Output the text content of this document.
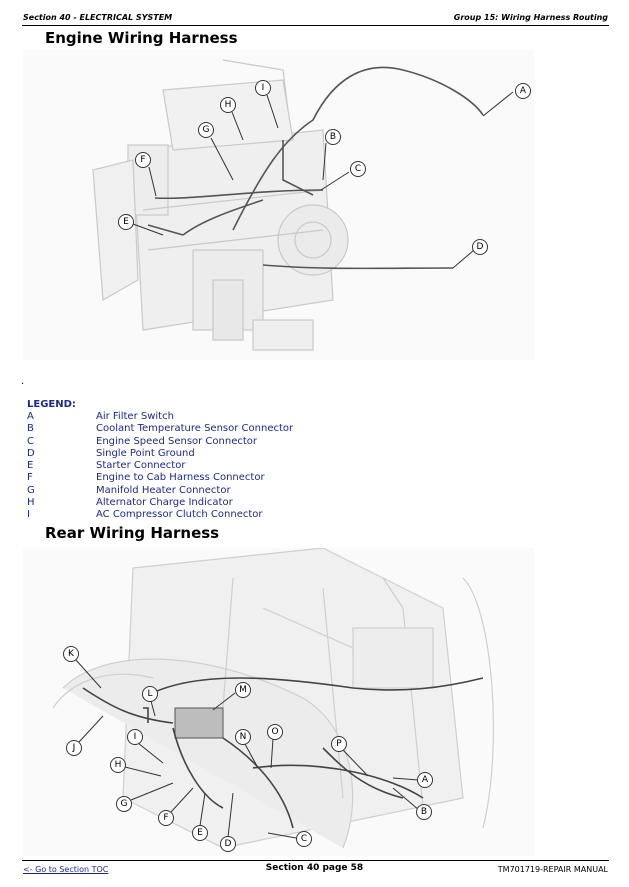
Section 40 - ELECTRICAL SYSTEM	Group 15: Wiring Harness Routing
Engine Wiring Harness
A
B
C
D
E
F
G
H
I
.
LEGEND:
A	Air Filter Switch
B	Coolant Temperature Sensor Connector
C	Engine Speed Sensor Connector
D	Single Point Ground
E	Starter Connector
F	Engine to Cab Harness Connector
G	Manifold Heater Connector
H	Alternator Charge Indicator
I	AC Compressor Clutch Connector
Rear Wiring Harness
K
J
L	M
I
H
G
F
E
D
N	O
P
A
B
C
<- Go to Section TOC	Section 40 page 58	TM701719-REPAIR MANUAL
